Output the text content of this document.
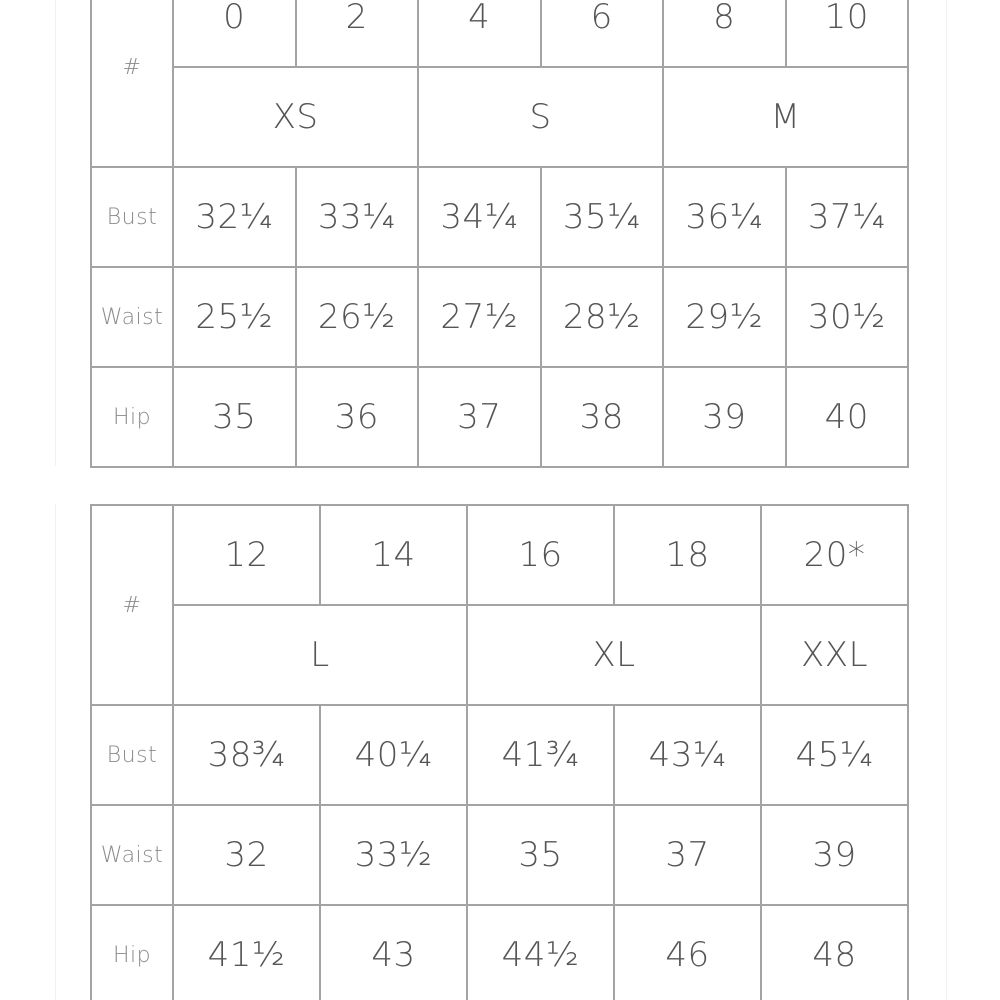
#	0	2	4	6	8	10
	XS		S		M	
Bust	32¼	33¼	34¼	35¼	36¼	37¼
Waist	25½	26½	27½	28½	29½	30½
Hip	35	36	37	38	39	40
#	12	14	16	18	20*
	L		XL		XXL
Bust	38¾	40¼	41¾	43¼	45¼
Waist	32	33½	35	37	39
Hip	41½	43	44½	46	48
